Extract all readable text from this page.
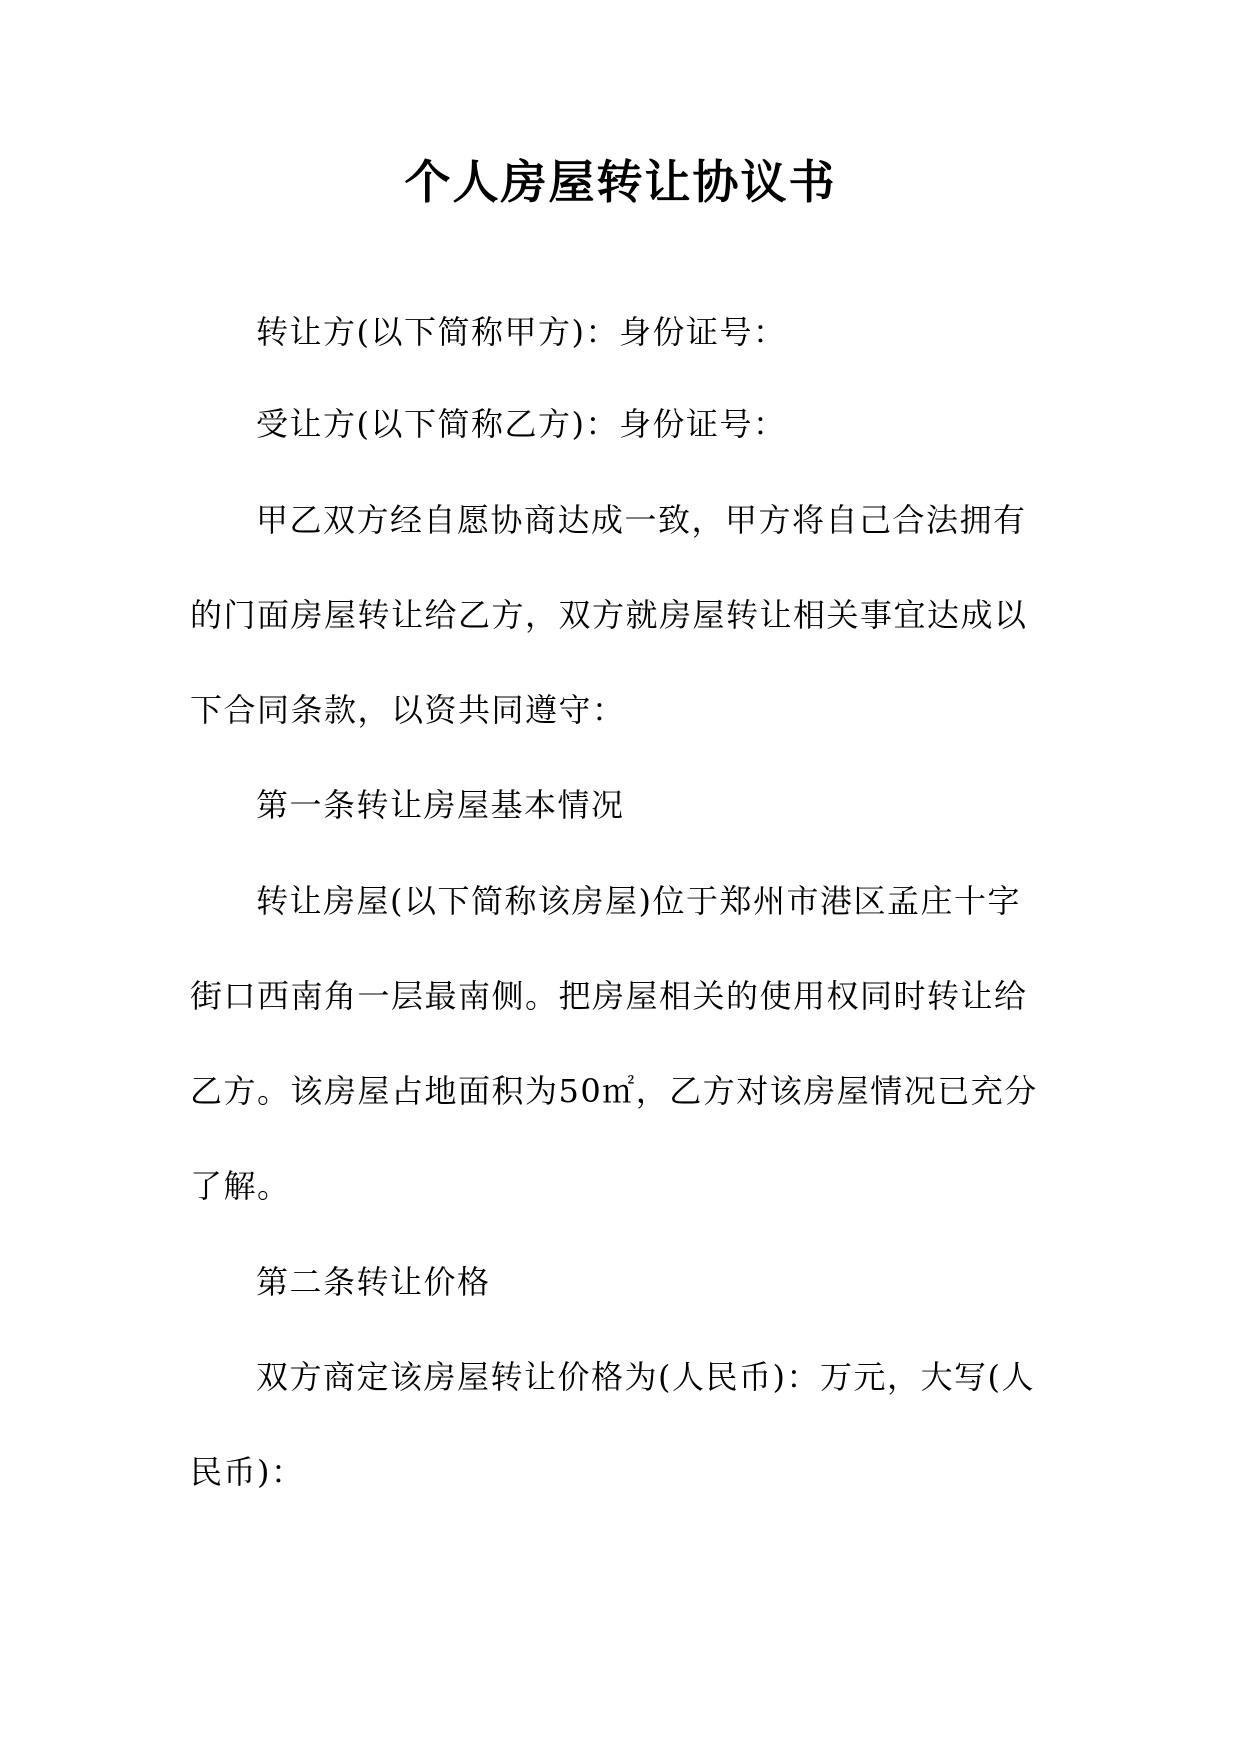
个人房屋转让协议书
转让方(以下简称甲方)：身份证号：
受让方(以下简称乙方)：身份证号：
甲乙双方经自愿协商达成一致，甲方将自己合法拥有
的门面房屋转让给乙方，双方就房屋转让相关事宜达成以
下合同条款，以资共同遵守：
第一条转让房屋基本情况
转让房屋(以下简称该房屋)位于郑州市港区孟庄十字
街口西南角一层最南侧。把房屋相关的使用权同时转让给
乙方。该房屋占地面积为50㎡，乙方对该房屋情况已充分
了解。
第二条转让价格
双方商定该房屋转让价格为(人民币)：万元，大写(人
民币)：
